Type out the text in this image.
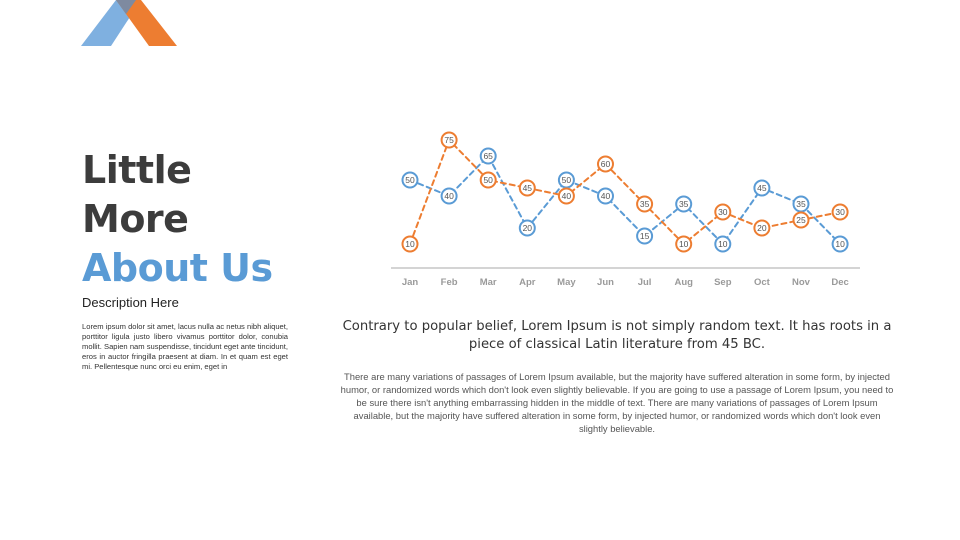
Little
More
About Us
Description Here
Lorem ipsum dolor sit amet, lacus nulla ac netus nibh aliquet, porttitor ligula justo libero vivamus porttitor dolor, conubia mollit. Sapien nam suspendisse, tincidunt eget ante tincidunt, eros in auctor fringilla praesent at diam. In et quam est eget mi. Pellentesque nunc orci eu enim, eget in
Jan Feb Mar Apr May Jun	Jul Aug Sep Oct Nov Dec
50
40
65
20
50
40
15
35
10
45
35
10
10
75
50
45
40
60
35
10
30
20
25
30
Contrary to popular belief, Lorem Ipsum is not simply random text. It has roots in a piece of classical Latin literature from 45 BC.
There are many variations of passages of Lorem Ipsum available, but the majority have suffered alteration in some form, by injected humor, or randomized words which don't look even slightly believable. If you are going to use a passage of Lorem Ipsum, you need to be sure there isn't anything embarrassing hidden in the middle of text. There are many variations of passages of Lorem Ipsum available, but the majority have suffered alteration in some form, by injected humor, or randomized words which don't look even slightly believable.
